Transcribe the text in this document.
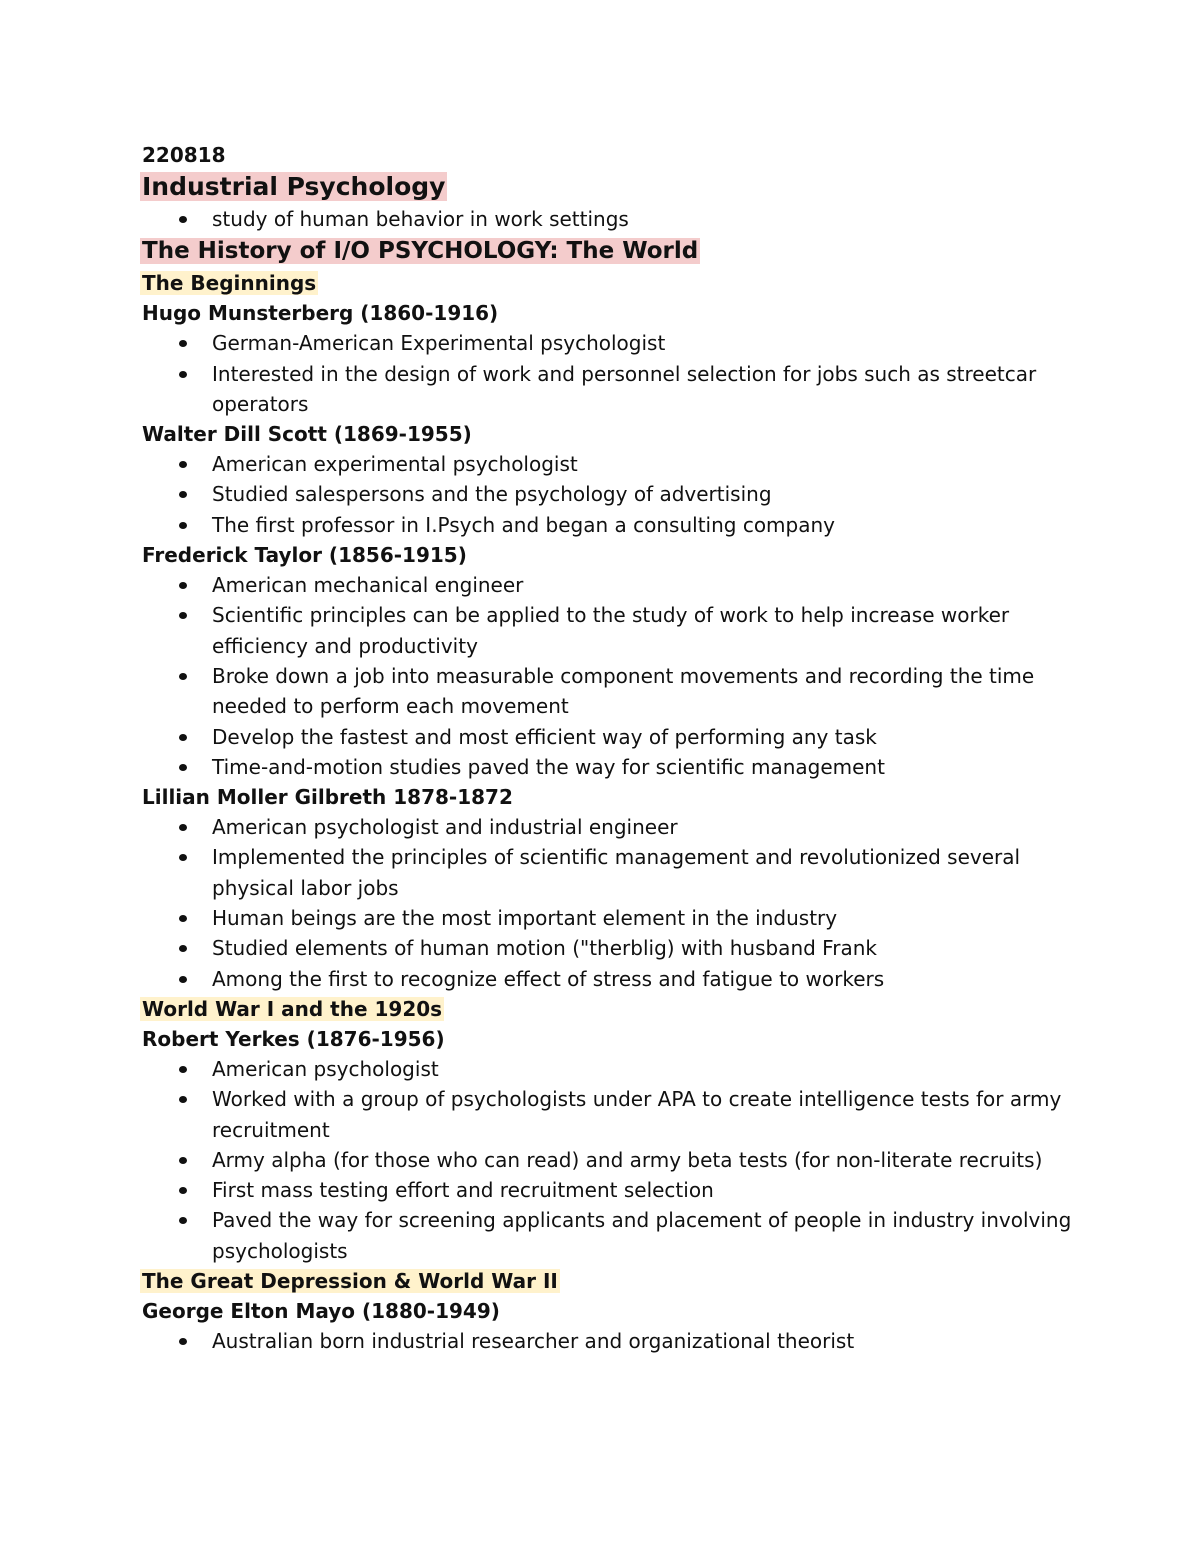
220818
Industrial Psychology
study of human behavior in work settings
The History of I/O PSYCHOLOGY: The World
The Beginnings
Hugo Munsterberg (1860-1916)
German-American Experimental psychologist
Interested in the design of work and personnel selection for jobs such as streetcar operators
Walter Dill Scott (1869-1955)
American experimental psychologist
Studied salespersons and the psychology of advertising
The first professor in I.Psych and began a consulting company
Frederick Taylor (1856-1915)
American mechanical engineer
Scientific principles can be applied to the study of work to help increase worker efficiency and productivity
Broke down a job into measurable component movements and recording the time needed to perform each movement
Develop the fastest and most efficient way of performing any task
Time-and-motion studies paved the way for scientific management
Lillian Moller Gilbreth 1878-1872
American psychologist and industrial engineer
Implemented the principles of scientific management and revolutionized several physical labor jobs
Human beings are the most important element in the industry
Studied elements of human motion ("therblig) with husband Frank
Among the first to recognize effect of stress and fatigue to workers
World War I and the 1920s
Robert Yerkes (1876-1956)
American psychologist
Worked with a group of psychologists under APA to create intelligence tests for army recruitment
Army alpha (for those who can read) and army beta tests (for non-literate recruits)
First mass testing effort and recruitment selection
Paved the way for screening applicants and placement of people in industry involving psychologists
The Great Depression & World War II
George Elton Mayo (1880-1949)
Australian born industrial researcher and organizational theorist
